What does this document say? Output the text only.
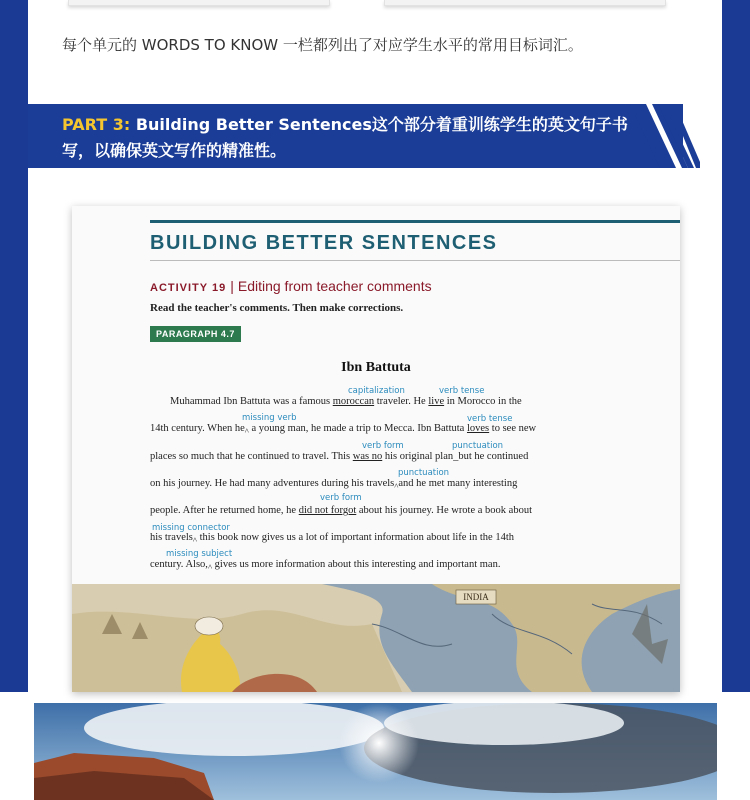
每个单元的 WORDS TO KNOW 一栏都列出了对应学生水平的常用目标词汇。
PART 3: Building Better Sentences这个部分着重训练学生的英文句子书写，以确保英文写作的精准性。
BUILDING BETTER SENTENCES
ACTIVITY 19 | Editing from teacher comments
Read the teacher's comments. Then make corrections.
PARAGRAPH 4.7
Ibn Battuta
capitalization	verb tense
missing verb	verb tense
verb form	punctuation
punctuation
verb form
missing connector
missing subject
Muhammad Ibn Battuta was a famous moroccan traveler. He live in Morocco in the
14th century. When $he_{\^{}}$ a young man, he made a trip to Mecca. Ibn Battuta loves to see new
places so much that he continued to travel. This was no his original plan_but he continued
on his journey. He had many adventures during his travels$_{\^{}}$and he met many interesting
people. After he returned home, he did not forgot about his journey. He wrote a book about
his travels$_{\^{}}$ this book now gives us a lot of important information about life in the 14th
century. $Also,_{\^{}}$ gives us more information about this interesting and important man.
INDIA
